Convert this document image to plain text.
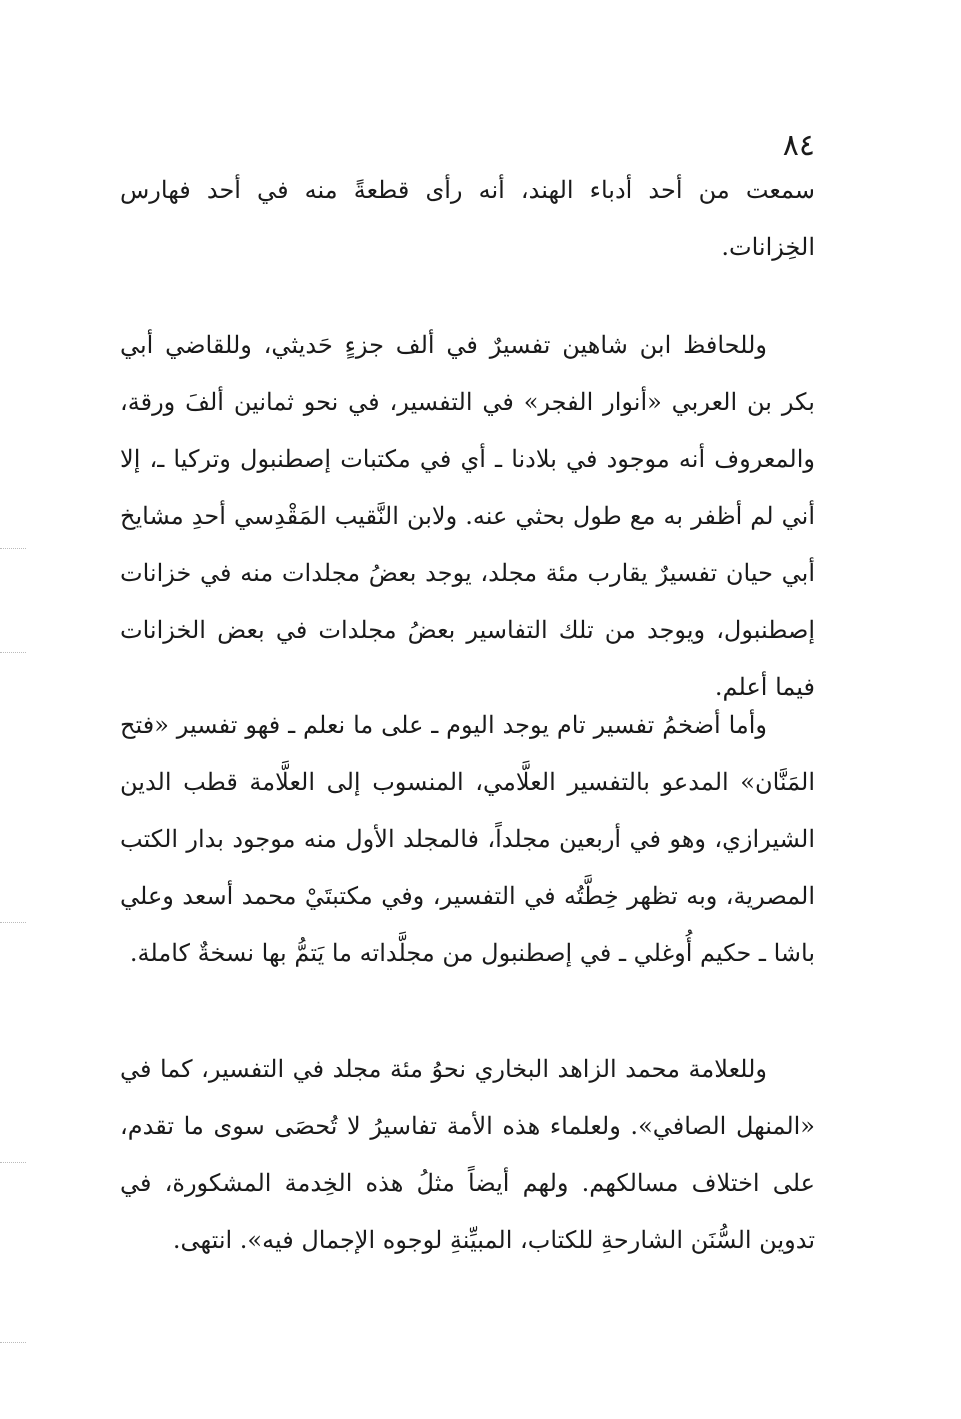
٨٤

سمعت من أحد أدباء الهند، أنه رأى قطعةً منه في أحد فهارس الخِزانات.

وللحافظ ابن شاهين تفسيرٌ في ألف جزءٍ حَديثي، وللقاضي أبي بكر بن العربي «أنوار الفجر» في التفسير، في نحو ثمانين ألفَ ورقة، والمعروف أنه موجود في بلادنا ـ أي في مكتبات إصطنبول وتركيا ـ، إلا أني لم أظفر به مع طول بحثي عنه. ولابن النَّقيب المَقْدِسي أحدِ مشايخ أبي حيان تفسيرٌ يقارب مئة مجلد، يوجد بعضُ مجلدات منه في خزانات إصطنبول، ويوجد من تلك التفاسير بعضُ مجلدات في بعض الخزانات فيما أعلم.

وأما أضخمُ تفسير تام يوجد اليوم ـ على ما نعلم ـ فهو تفسير «فتح المَنَّان» المدعو بالتفسير العلَّامي، المنسوب إلى العلَّامة قطب الدين الشيرازي، وهو في أربعين مجلداً، فالمجلد الأول منه موجود بدار الكتب المصرية، وبه تظهر خِطَّتُه في التفسير، وفي مكتبتَيْ محمد أسعد وعلي باشا ـ حكيم أُوغلي ـ في إصطنبول من مجلَّداته ما يَتمُّ بها نسخةٌ كاملة.

وللعلامة محمد الزاهد البخاري نحوُ مئة مجلد في التفسير، كما في «المنهل الصافي». ولعلماء هذه الأمة تفاسيرُ لا تُحصَى سوى ما تقدم، على اختلاف مسالكهم. ولهم أيضاً مثلُ هذه الخِدمة المشكورة، في تدوين السُّنَن الشارحةِ للكتاب، المبيِّنةِ لوجوه الإجمال فيه». انتهى.
